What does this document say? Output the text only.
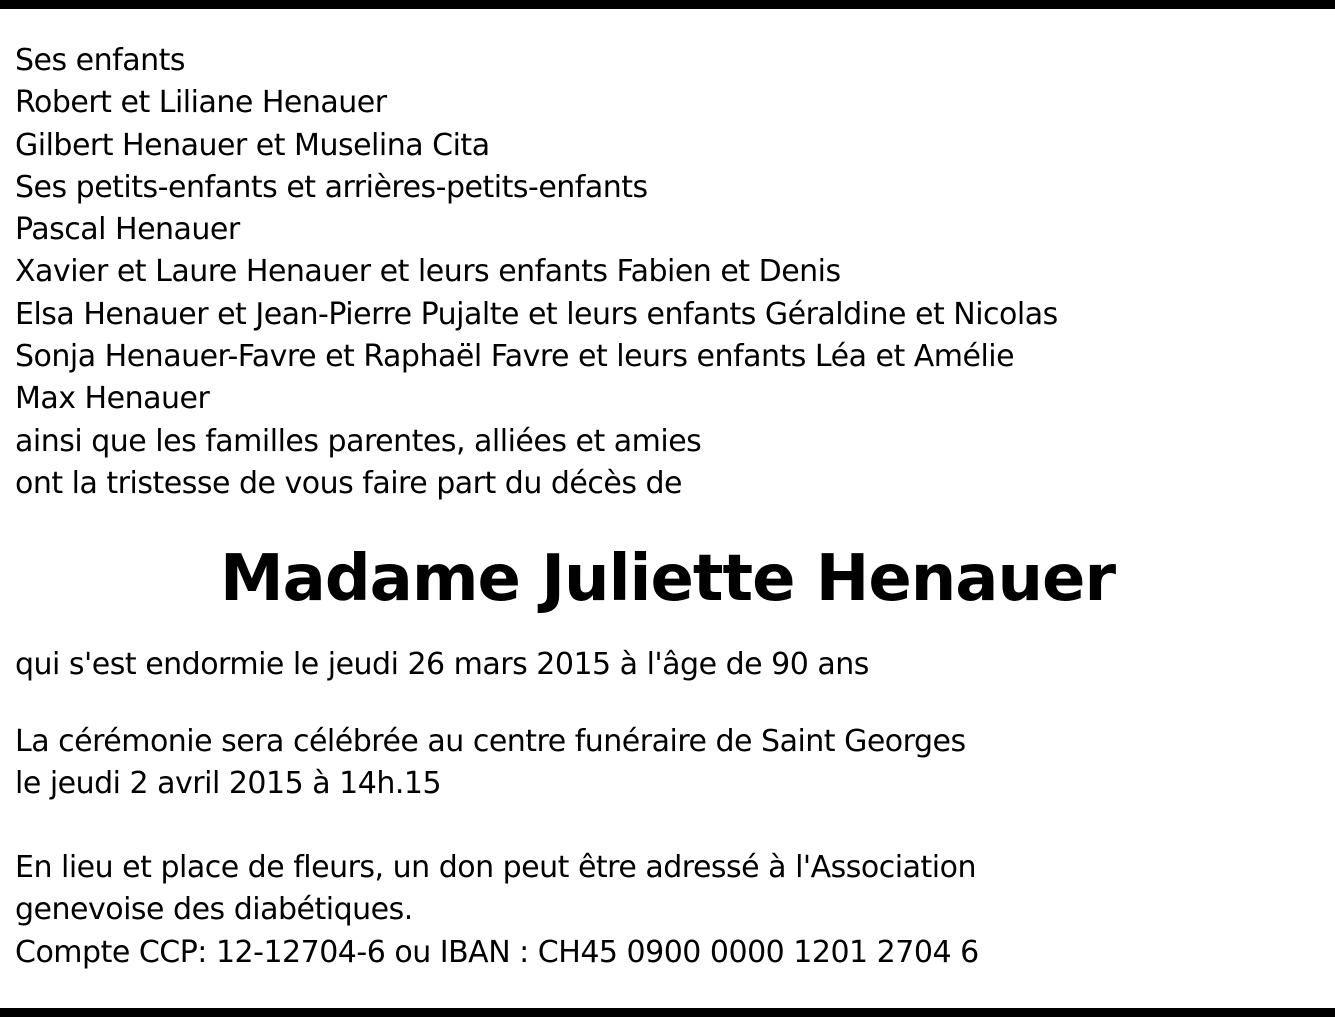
Ses enfants
Robert et Liliane Henauer
Gilbert Henauer et Muselina Cita
Ses petits-enfants et arrières-petits-enfants
Pascal Henauer
Xavier et Laure Henauer et leurs enfants Fabien et Denis
Elsa Henauer et Jean-Pierre Pujalte et leurs enfants Géraldine et Nicolas
Sonja Henauer-Favre et Raphaël Favre et leurs enfants Léa et Amélie
Max Henauer
ainsi que les familles parentes, alliées et amies
ont la tristesse de vous faire part du décès de
Madame Juliette Henauer
qui s'est endormie le jeudi 26 mars 2015 à l'âge de 90 ans
La cérémonie sera célébrée au centre funéraire de Saint Georges
le jeudi 2 avril 2015 à 14h.15
En lieu et place de fleurs, un don peut être adressé à l'Association
genevoise des diabétiques.
Compte CCP: 12-12704-6 ou IBAN : CH45 0900 0000 1201 2704 6
